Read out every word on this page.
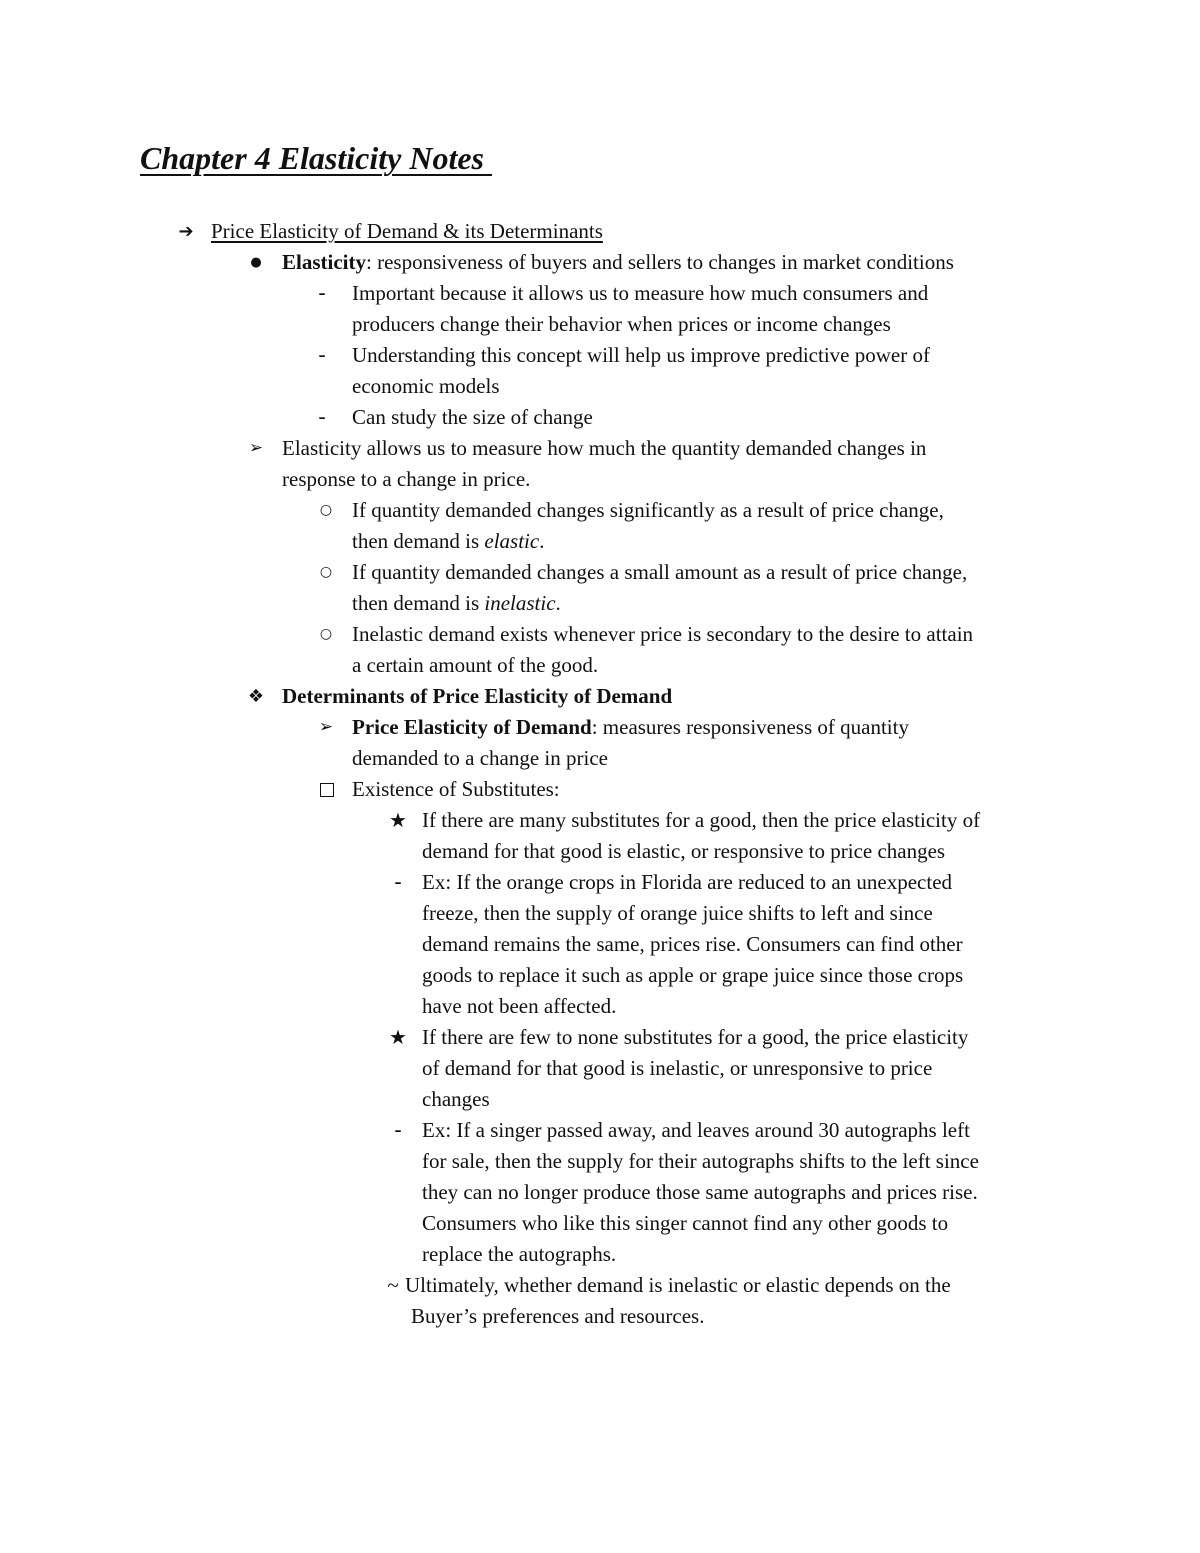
Chapter 4 Elasticity Notes
➔ Price Elasticity of Demand & its Determinants
● Elasticity: responsiveness of buyers and sellers to changes in market conditions
- Important because it allows us to measure how much consumers and
producers change their behavior when prices or income changes
- Understanding this concept will help us improve predictive power of
economic models
- Can study the size of change
➢ Elasticity allows us to measure how much the quantity demanded changes in
response to a change in price.
○ If quantity demanded changes significantly as a result of price change,
then demand is elastic.
○ If quantity demanded changes a small amount as a result of price change,
then demand is inelastic.
○ Inelastic demand exists whenever price is secondary to the desire to attain
a certain amount of the good.
❖ Determinants of Price Elasticity of Demand
➢ Price Elasticity of Demand: measures responsiveness of quantity
demanded to a change in price
Existence of Substitutes:
★ If there are many substitutes for a good, then the price elasticity of
demand for that good is elastic, or responsive to price changes
- Ex: If the orange crops in Florida are reduced to an unexpected
freeze, then the supply of orange juice shifts to left and since
demand remains the same, prices rise. Consumers can find other
goods to replace it such as apple or grape juice since those crops
have not been affected.
★ If there are few to none substitutes for a good, the price elasticity
of demand for that good is inelastic, or unresponsive to price
changes
- Ex: If a singer passed away, and leaves around 30 autographs left
for sale, then the supply for their autographs shifts to the left since
they can no longer produce those same autographs and prices rise.
Consumers who like this singer cannot find any other goods to
replace the autographs.
~ Ultimately, whether demand is inelastic or elastic depends on the
Buyer’s preferences and resources.
